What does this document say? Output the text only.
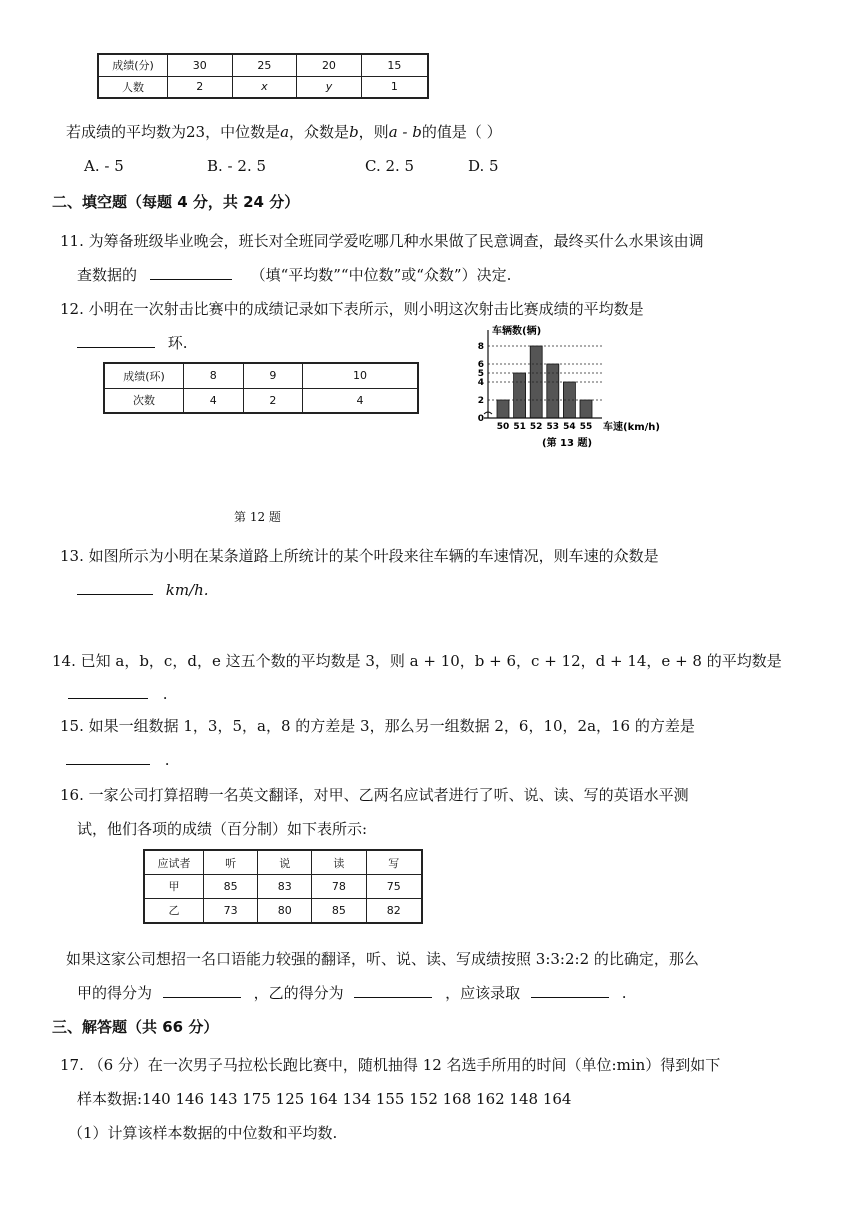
成绩(分)	30	25	20	15
人数	2	x	y	1
若成绩的平均数为23，中位数是a，众数是b，则a - b的值是（ ）
A. - 5	B. - 2. 5	C. 2. 5	D. 5
二、填空题（每题 4 分，共 24 分）
11. 为筹备班级毕业晚会，班长对全班同学爱吃哪几种水果做了民意调查，最终买什么水果该由调
查数据的	（填“平均数”“中位数”或“众数”）决定.
12. 小明在一次射击比赛中的成绩记录如下表所示，则小明这次射击比赛成绩的平均数是
环.
成绩(环)	8	9	10
次数	4	2	4
0
2
4
5
6
8
50 51 52 53 54 55
车辆数(辆)
车速(km/h)
(第 13 题)
第 12 题
13. 如图所示为小明在某条道路上所统计的某个叶段来往车辆的车速情况，则车速的众数是
km/h.
14. 已知 a，b，c，d，e 这五个数的平均数是 3，则 a + 10，b + 6，c + 12，d + 14，e + 8 的平均数是
.
15. 如果一组数据 1，3，5，a，8 的方差是 3，那么另一组数据 2，6，10，2a，16 的方差是
.
16. 一家公司打算招聘一名英文翻译，对甲、乙两名应试者进行了听、说、读、写的英语水平测
试，他们各项的成绩（百分制）如下表所示:
应试者	听	说	读	写
甲	85	83	78	75
乙	73	80	85	82
如果这家公司想招一名口语能力较强的翻译，听、说、读、写成绩按照 3:3:2:2 的比确定，那么
甲的得分为	，乙的得分为	，应该录取	.
三、解答题（共 66 分）
17. （6 分）在一次男子马拉松长跑比赛中，随机抽得 12 名选手所用的时间（单位:min）得到如下
样本数据:140 146 143 175 125 164 134 155 152 168 162 148 164
（1）计算该样本数据的中位数和平均数.
